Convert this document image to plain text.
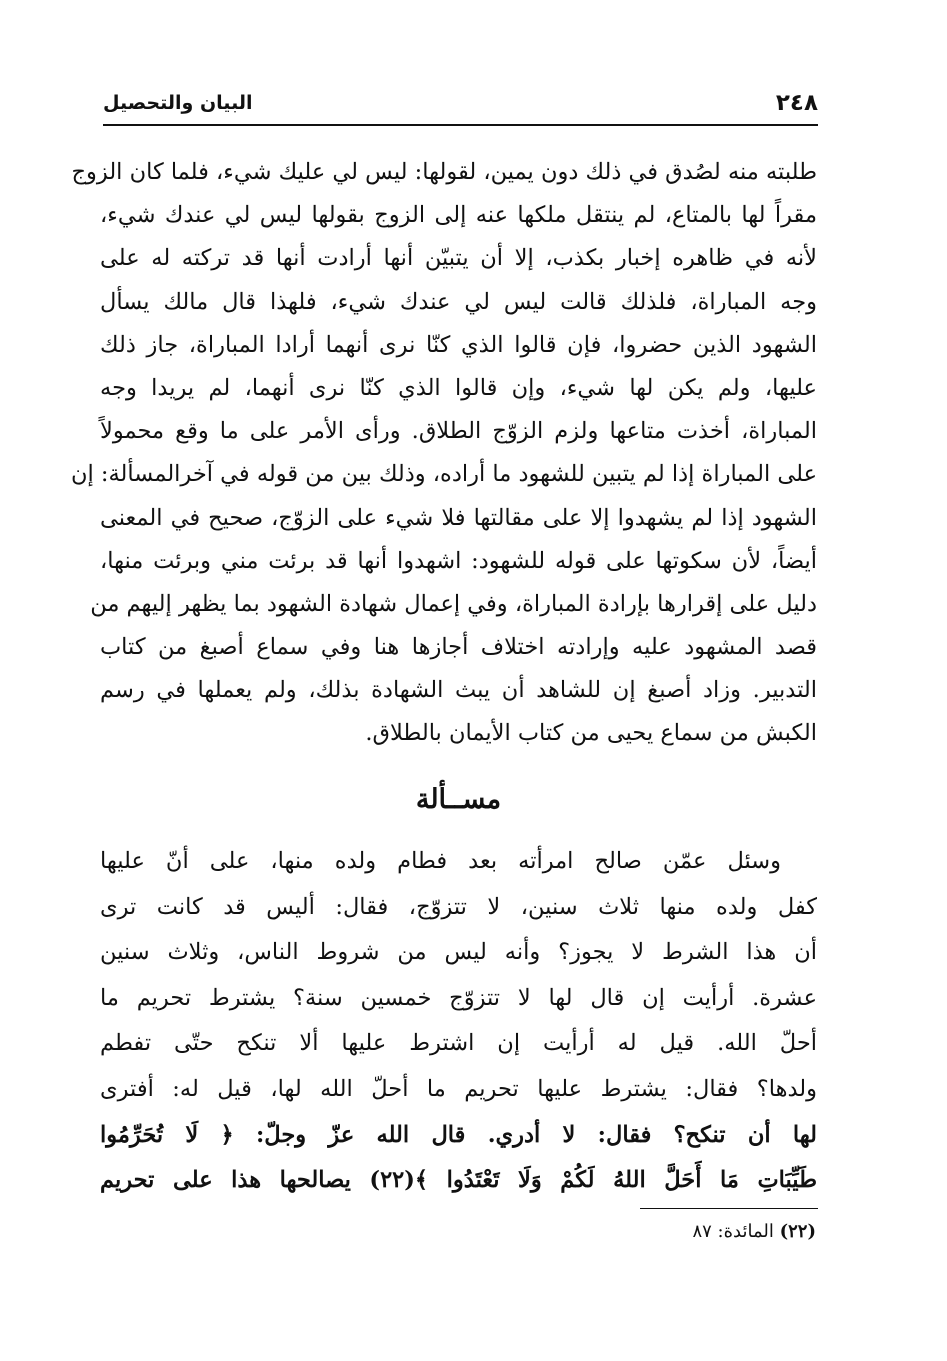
٢٤٨
البيان والتحصيل
طلبته منه لصُدق في ذلك دون يمين، لقولها: ليس لي عليك شيء، فلما كان الزوج
مقراً لها بالمتاع، لم ينتقل ملكها عنه إلى الزوج بقولها ليس لي عندك شيء،
لأنه في ظاهره إخبار بكذب، إلا أن يتبيّن أنها أرادت أنها قد تركته له على
وجه المباراة، فلذلك قالت ليس لي عندك شيء، فلهذا قال مالك يسأل
الشهود الذين حضروا، فإن قالوا الذي كنّا نرى أنهما أرادا المباراة، جاز ذلك
عليها، ولم يكن لها شيء، وإن قالوا الذي كنّا نرى أنهما، لم يريدا وجه
المباراة، أخذت متاعها ولزم الزوّج الطلاق. ورأى الأمر على ما وقع محمولاً
على المباراة إذا لم يتبين للشهود ما أراده، وذلك بين من قوله في آخرالمسألة: إن
الشهود إذا لم يشهدوا إلا على مقالتها فلا شيء على الزوّج، صحيح في المعنى
أيضاً، لأن سكوتها على قوله للشهود: اشهدوا أنها قد برئت مني وبرئت منها،
دليل على إقرارها بإرادة المباراة، وفي إعمال شهادة الشهود بما يظهر إليهم من
قصد المشهود عليه وإرادته اختلاف أجازها هنا وفي سماع أصبغ من كتاب
التدبير. وزاد أصبغ إن للشاهد أن يبث الشهادة بذلك، ولم يعملها في رسم
الكبش من سماع يحيى من كتاب الأيمان بالطلاق.
مســألة
وسئل عمّن صالح امرأته بعد فطام ولده منها، على أنّ عليها
كفل ولده منها ثلاث سنين، لا تتزوّج، فقال: أليس قد كانت ترى
أن هذا الشرط لا يجوز؟ وأنه ليس من شروط الناس، وثلاث سنين
عشرة. أرأيت إن قال لها لا تتزوّج خمسين سنة؟ يشترط تحريم ما
أحلّ الله. قيل له أرأيت إن اشترط عليها ألا تنكح حتّى تفطم
ولدها؟ فقال: يشترط عليها تحريم ما أحلّ الله لها، قيل له: أفترى
لها أن تنكح؟ فقال: لا أدري. قال الله عزّ وجلّ: ﴿ لَا تُحَرِّمُوا
طَيِّبَاتِ مَا أَحَلَّ اللهُ لَكُمْ وَلَا تَعْتَدُوا ﴾(٢٢) يصالحها هذا على تحريم
(٢٢) المائدة: ٨٧
